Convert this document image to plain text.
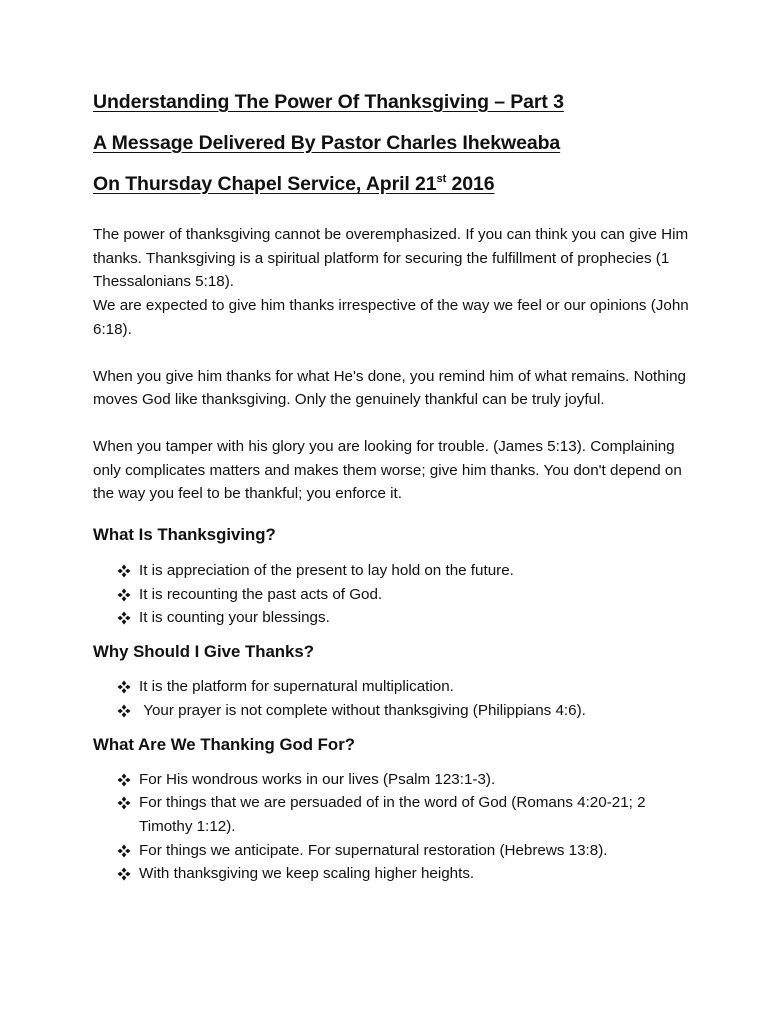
Understanding The Power Of Thanksgiving – Part 3

A Message Delivered By Pastor Charles Ihekweaba

On Thursday Chapel Service, April 21st 2016

The power of thanksgiving cannot be overemphasized. If you can think you can give Him thanks. Thanksgiving is a spiritual platform for securing the fulfillment of prophecies (1 Thessalonians 5:18).
We are expected to give him thanks irrespective of the way we feel or our opinions (John 6:18).

When you give him thanks for what He's done, you remind him of what remains. Nothing moves God like thanksgiving. Only the genuinely thankful can be truly joyful.

When you tamper with his glory you are looking for trouble. (James 5:13). Complaining only complicates matters and makes them worse; give him thanks. You don't depend on the way you feel to be thankful; you enforce it.

What Is Thanksgiving?

It is appreciation of the present to lay hold on the future.
It is recounting the past acts of God.
It is counting your blessings.

Why Should I Give Thanks?

It is the platform for supernatural multiplication.
Your prayer is not complete without thanksgiving (Philippians 4:6).

What Are We Thanking God For?

For His wondrous works in our lives (Psalm 123:1-3).
For things that we are persuaded of in the word of God (Romans 4:20-21; 2 Timothy 1:12).
For things we anticipate. For supernatural restoration (Hebrews 13:8).
With thanksgiving we keep scaling higher heights.
